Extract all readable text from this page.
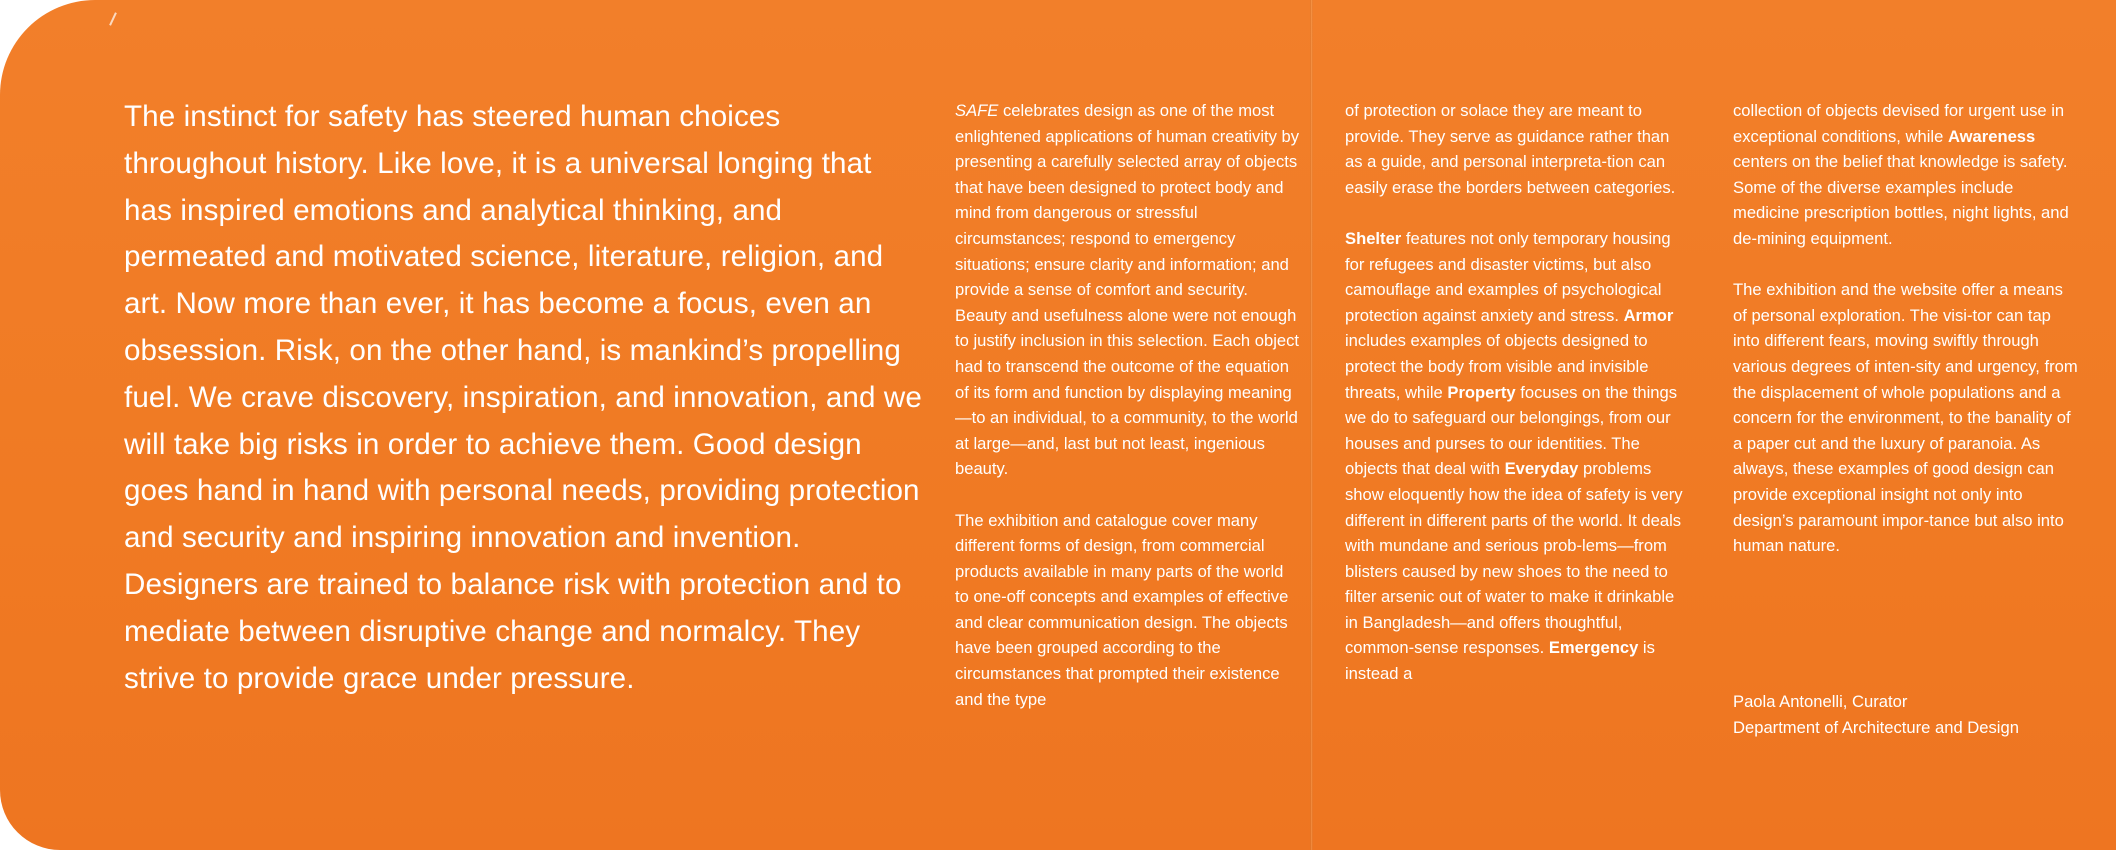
The instinct for safety has steered human choices throughout history. Like love, it is a universal longing that has inspired emotions and analytical thinking, and permeated and motivated science, literature, religion, and art. Now more than ever, it has become a focus, even an obsession. Risk, on the other hand, is mankind’s propelling fuel. We crave discovery, inspiration, and innovation, and we will take big risks in order to achieve them. Good design goes hand in hand with personal needs, providing protection and security and inspiring innovation and invention. Designers are trained to balance risk with protection and to mediate between disruptive change and normalcy. They strive to provide grace under pressure.

SAFE celebrates design as one of the most enlightened applications of human creativity by presenting a carefully selected array of objects that have been designed to protect body and mind from dangerous or stressful circumstances; respond to emergency situations; ensure clarity and information; and provide a sense of comfort and security. Beauty and usefulness alone were not enough to justify inclusion in this selection. Each object had to transcend the outcome of the equation of its form and function by displaying meaning—to an individual, to a community, to the world at large—and, last but not least, ingenious beauty.

The exhibition and catalogue cover many different forms of design, from commercial products available in many parts of the world to one-off concepts and examples of effective and clear communication design. The objects have been grouped according to the circumstances that prompted their existence and the type

of protection or solace they are meant to provide. They serve as guidance rather than as a guide, and personal interpreta-tion can easily erase the borders between categories.

Shelter features not only temporary housing for refugees and disaster victims, but also camouflage and examples of psychological protection against anxiety and stress. Armor includes examples of objects designed to protect the body from visible and invisible threats, while Property focuses on the things we do to safeguard our belongings, from our houses and purses to our identities. The objects that deal with Everyday problems show eloquently how the idea of safety is very different in different parts of the world. It deals with mundane and serious prob-lems—from blisters caused by new shoes to the need to filter arsenic out of water to make it drinkable in Bangladesh—and offers thoughtful, common-sense responses. Emergency is instead a

collection of objects devised for urgent use in exceptional conditions, while Awareness centers on the belief that knowledge is safety. Some of the diverse examples include medicine prescription bottles, night lights, and de-mining equipment.

The exhibition and the website offer a means of personal exploration. The visi-tor can tap into different fears, moving swiftly through various degrees of inten-sity and urgency, from the displacement of whole populations and a concern for the environment, to the banality of a paper cut and the luxury of paranoia. As always, these examples of good design can provide exceptional insight not only into design’s paramount impor-tance but also into human nature.

Paola Antonelli, Curator
Department of Architecture and Design
